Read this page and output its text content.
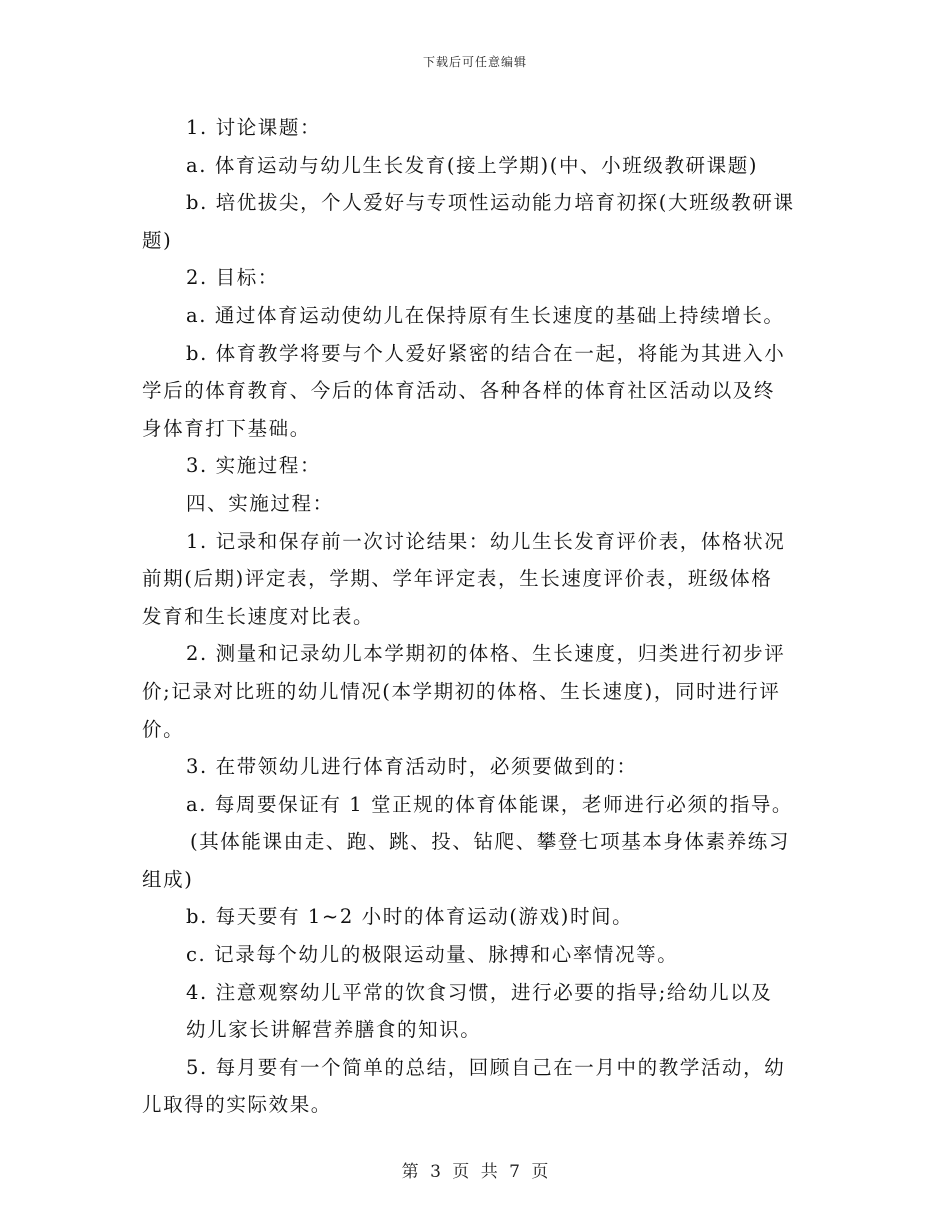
下载后可任意编辑

1. 讨论课题：

a. 体育运动与幼儿生长发育(接上学期)(中、小班级教研课题)

b. 培优拔尖，个人爱好与专项性运动能力培育初探(大班级教研课

题)

2. 目标：

a. 通过体育运动使幼儿在保持原有生长速度的基础上持续增长。

b. 体育教学将要与个人爱好紧密的结合在一起，将能为其进入小

学后的体育教育、今后的体育活动、各种各样的体育社区活动以及终

身体育打下基础。

3. 实施过程：

四、实施过程：

1. 记录和保存前一次讨论结果：幼儿生长发育评价表，体格状况

前期(后期)评定表，学期、学年评定表，生长速度评价表，班级体格

发育和生长速度对比表。

2. 测量和记录幼儿本学期初的体格、生长速度，归类进行初步评

价;记录对比班的幼儿情况(本学期初的体格、生长速度)，同时进行评

价。

3. 在带领幼儿进行体育活动时，必须要做到的：

a. 每周要保证有 1 堂正规的体育体能课，老师进行必须的指导。

(其体能课由走、跑、跳、投、钻爬、攀登七项基本身体素养练习

组成)

b. 每天要有 1~2 小时的体育运动(游戏)时间。

c. 记录每个幼儿的极限运动量、脉搏和心率情况等。

4. 注意观察幼儿平常的饮食习惯，进行必要的指导;给幼儿以及

幼儿家长讲解营养膳食的知识。

5. 每月要有一个简单的总结，回顾自己在一月中的教学活动，幼

儿取得的实际效果。

第 3 页 共 7 页
